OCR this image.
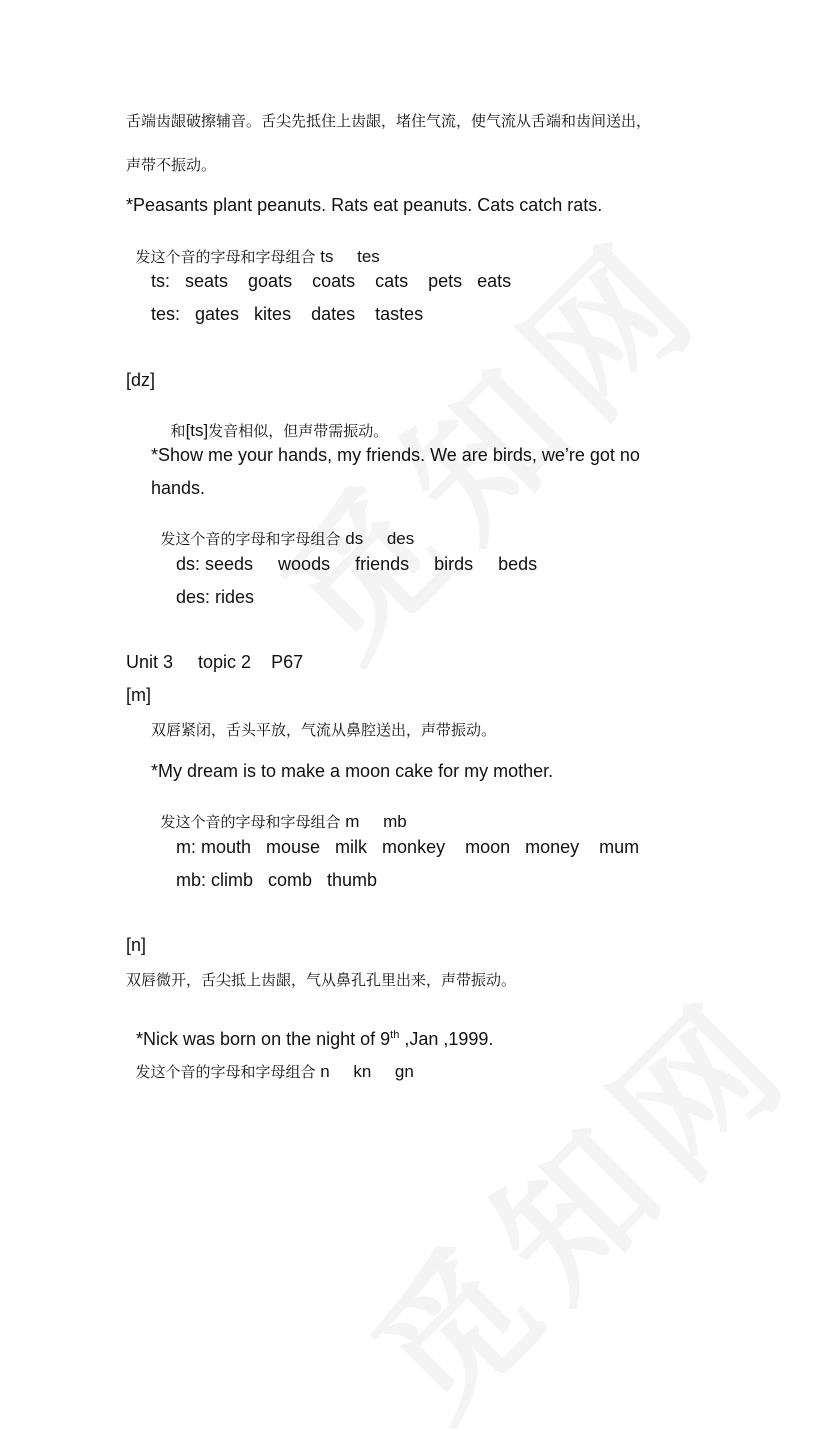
舌端齿龈破擦辅音。舌尖先抵住上齿龈，堵住气流，使气流从舌端和齿间送出，
声带不振动。
*Peasants plant peanuts. Rats eat peanuts. Cats catch rats.

发这个音的字母和字母组合 ts     tes

ts:   seats    goats    coats    cats    pets   eats
tes:   gates   kites    dates    tastes
[dz]

和[ts]发音相似，但声带需振动。

*Show me your hands, my friends. We are birds, we’re got no
hands.

发这个音的字母和字母组合 ds     des

ds: seeds     woods     friends     birds     beds
des: rides
Unit 3     topic 2    P67
[m]
双唇紧闭，舌头平放，气流从鼻腔送出，声带振动。
*My dream is to make a moon cake for my mother.

发这个音的字母和字母组合 m     mb

m: mouth   mouse   milk   monkey    moon   money    mum
mb: climb   comb   thumb
[n]
双唇微开，舌尖抵上齿龈，气从鼻孔孔里出来，声带振动。

*Nick was born on the night of 9th ,Jan ,1999.

发这个音的字母和字母组合 n     kn     gn
